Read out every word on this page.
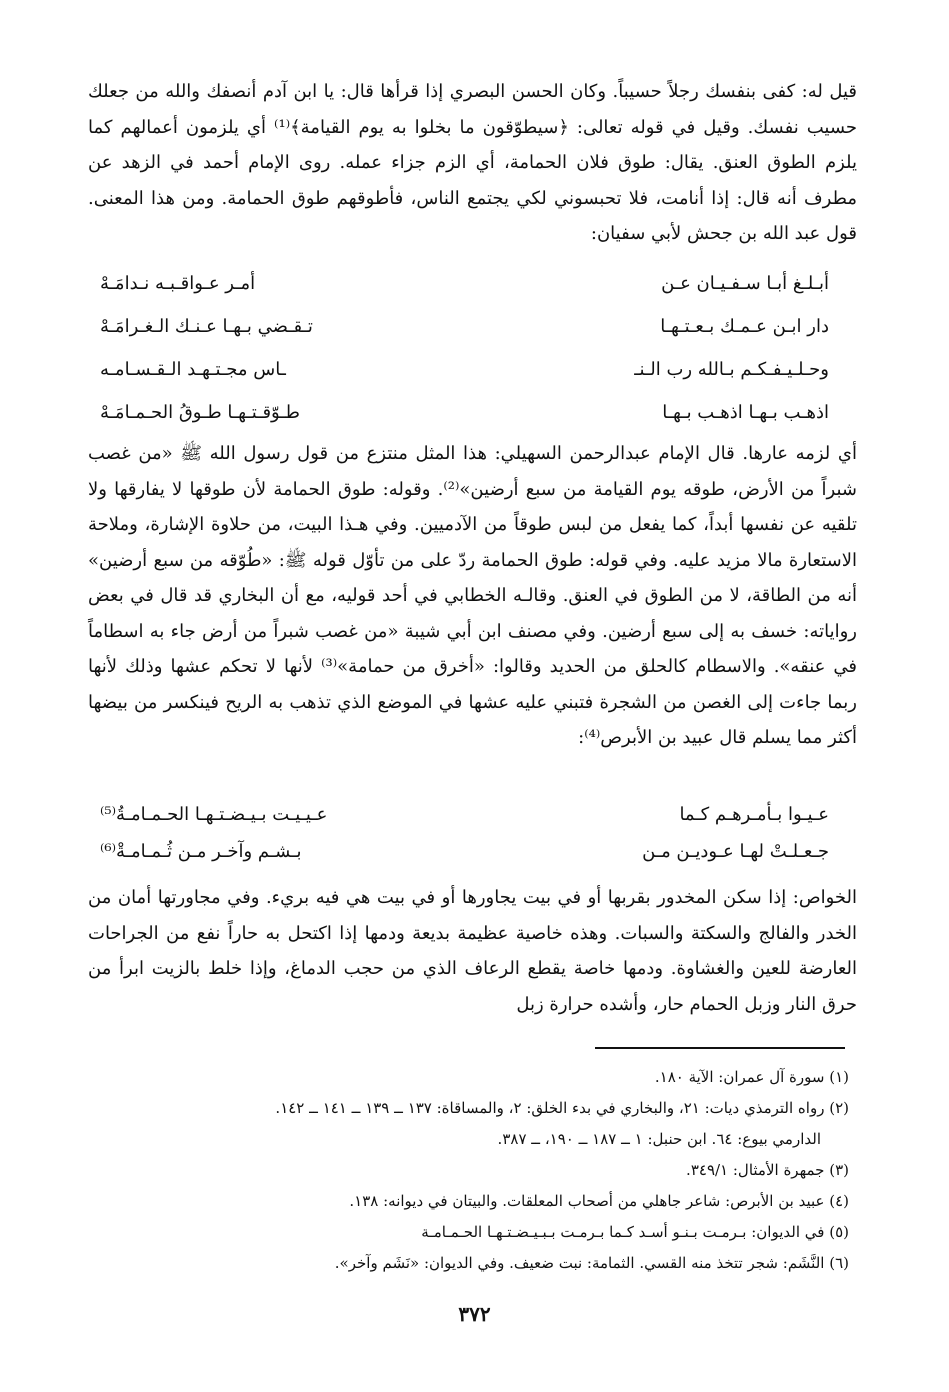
قيل له: كفى بنفسك رجلاً حسيباً. وكان الحسن البصري إذا قرأها قال: يا ابن آدم أنصفك والله من جعلك حسيب نفسك. وقيل في قوله تعالى: ﴿سيطوّقون ما بخلوا به يوم القيامة﴾⁽¹⁾ أي يلزمون أعمالهم كما يلزم الطوق العنق. يقال: طوق فلان الحمامة، أي الزم جزاء عمله. روى الإمام أحمد في الزهد عن مطرف أنه قال: إذا أنامت، فلا تحبسوني لكي يجتمع الناس، فأطوقهم طوق الحمامة. ومن هذا المعنى. قول عبد الله بن جحش لأبي سفيان:

أبـلـغ أبـا سـفـيـان عـن
أمـر عـواقـبـه نـدامَـهْ
دار ابـن عـمـك بـعـتـهـا
تـقـضي بـهـا عـنـك الـغـرامَـهْ
وحـلـيـفـكـم بـالله رب الـنـ
ـاس مجـتـهـد الـقـسـامـه
اذهـب بـهـا اذهـب بـهـا
طـوّقـتـهـا طـوقُ الحـمـامَـهْ

أي لزمه عارها. قال الإمام عبدالرحمن السهيلي: هذا المثل منتزع من قول رسول الله ﷺ «من غصب شبراً من الأرض، طوقه يوم القيامة من سبع أرضين»⁽²⁾. وقوله: طوق الحمامة لأن طوقها لا يفارقها ولا تلقيه عن نفسها أبداً، كما يفعل من لبس طوقاً من الآدميين. وفي هـذا البيت، من حلاوة الإشارة، وملاحة الاستعارة مالا مزيد عليه. وفي قوله: طوق الحمامة ردّ على من تأوّل قوله ﷺ: «طُوّقه من سبع أرضين» أنه من الطاقة، لا من الطوق في العنق. وقالـه الخطابي في أحد قوليه، مع أن البخاري قد قال في بعض رواياته: خسف به إلى سبع أرضين. وفي مصنف ابن أبي شيبة «من غصب شبراً من أرض جاء به اسطاماً في عنقه». والاسطام كالحلق من الحديد وقالوا: «أخرق من حمامة»⁽³⁾ لأنها لا تحكم عشها وذلك لأنها ربما جاءت إلى الغصن من الشجرة فتبني عليه عشها في الموضع الذي تذهب به الريح فينكسر من بيضها أكثر مما يسلم قال عبيد بن الأبرص⁽⁴⁾:

عـيـوا بـأمـرهـم كـما
عـيـيـت بـيـضـتـهـا الحـمـامـةُ⁽⁵⁾
جـعـلـتْ لهـا عـوديـن مـن
بـشـم وآخـر مـن ثُـمـامـةْ⁽⁶⁾

الخواص: إذا سكن المخدور بقربها أو في بيت يجاورها أو في بيت هي فيه بريء. وفي مجاورتها أمان من الخدر والفالج والسكتة والسبات. وهذه خاصية عظيمة بديعة ودمها إذا اكتحل به حاراً نفع من الجراحات العارضة للعين والغشاوة. ودمها خاصة يقطع الرعاف الذي من حجب الدماغ، وإذا خلط بالزيت ابرأ من حرق النار وزبل الحمام حار، وأشده حرارة زبل

(١) سورة آل عمران: الآية ١٨٠.
(٢) رواه الترمذي ديات: ٢١، والبخاري في بدء الخلق: ٢، والمساقاة: ١٣٧ ــ ١٣٩ ــ ١٤١ ــ ١٤٢.
الدارمي بيوع: ٦٤. ابن حنبل: ١ ــ ١٨٧ ــ ١٩٠، ــ ٣٨٧.
(٣) جمهرة الأمثال: ٣٤٩/١.
(٤) عبيد بن الأبرص: شاعر جاهلي من أصحاب المعلقات. والبيتان في ديوانه: ١٣٨.
(٥) في الديوان: بـرمـت بـنـو أسـد كـما بـرمـت بـبـيـضـتـهـا الحـمـامـة
(٦) النَّشَم: شجر تتخذ منه القسي. الثمامة: نبت ضعيف. وفي الديوان: «نَشَم وآخر».
٣٧٢
